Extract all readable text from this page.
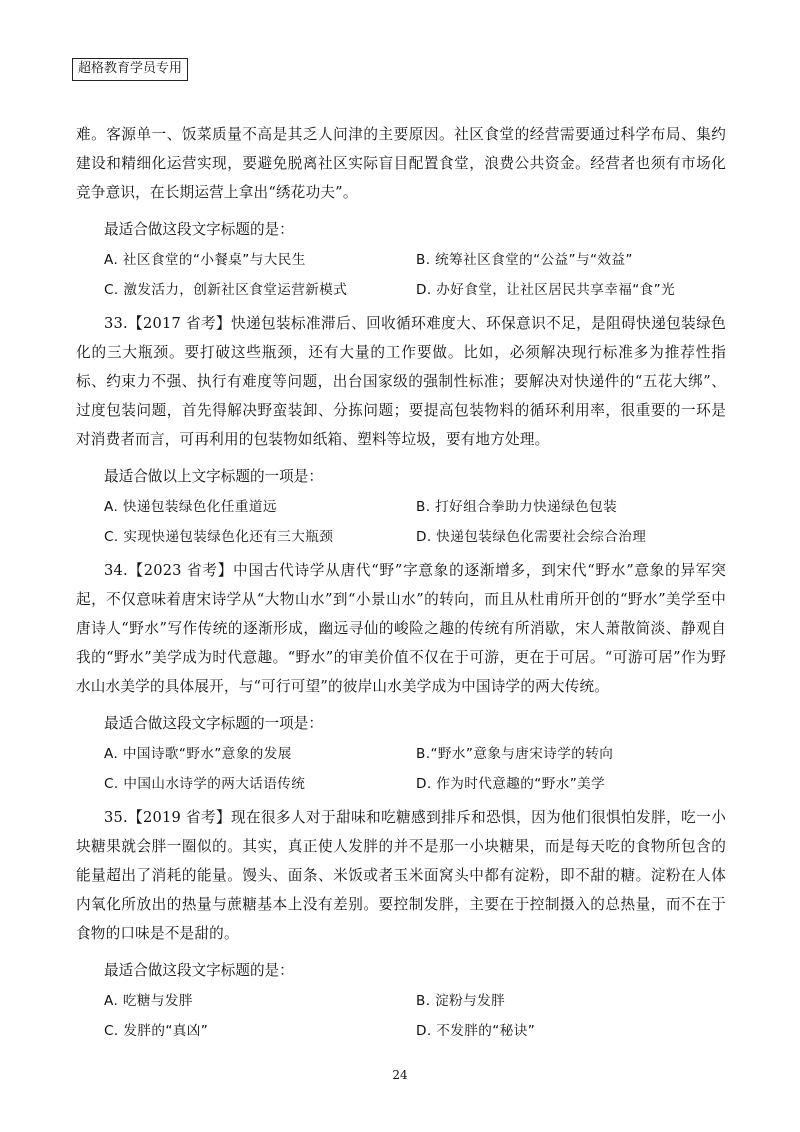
超格教育学员专用

难。客源单一、饭菜质量不高是其乏人问津的主要原因。社区食堂的经营需要通过科学布局、集约建设和精细化运营实现，要避免脱离社区实际盲目配置食堂，浪费公共资金。经营者也须有市场化竞争意识，在长期运营上拿出“绣花功夫”。

最适合做这段文字标题的是：

A. 社区食堂的“小餐桌”与大民生	B. 统筹社区食堂的“公益”与“效益”
C. 激发活力，创新社区食堂运营新模式	D. 办好食堂，让社区居民共享幸福“食”光

33.【2017 省考】快递包装标准滞后、回收循环难度大、环保意识不足，是阻碍快递包装绿色化的三大瓶颈。要打破这些瓶颈，还有大量的工作要做。比如，必须解决现行标准多为推荐性指标、约束力不强、执行有难度等问题，出台国家级的强制性标准；要解决对快递件的“五花大绑”、过度包装问题，首先得解决野蛮装卸、分拣问题；要提高包装物料的循环利用率，很重要的一环是对消费者而言，可再利用的包装物如纸箱、塑料等垃圾，要有地方处理。

最适合做以上文字标题的一项是：

A. 快递包装绿色化任重道远	B. 打好组合拳助力快递绿色包装
C. 实现快递包装绿色化还有三大瓶颈	D. 快递包装绿色化需要社会综合治理

34.【2023 省考】中国古代诗学从唐代“野”字意象的逐渐增多，到宋代“野水”意象的异军突起，不仅意味着唐宋诗学从“大物山水”到“小景山水”的转向，而且从杜甫所开创的“野水”美学至中唐诗人“野水”写作传统的逐渐形成，幽远寻仙的峻险之趣的传统有所消歇，宋人萧散简淡、静观自我的“野水”美学成为时代意趣。“野水”的审美价值不仅在于可游，更在于可居。“可游可居”作为野水山水美学的具体展开，与“可行可望”的彼岸山水美学成为中国诗学的两大传统。

最适合做这段文字标题的一项是：

A. 中国诗歌“野水”意象的发展	B.“野水”意象与唐宋诗学的转向
C. 中国山水诗学的两大话语传统	D. 作为时代意趣的“野水”美学

35.【2019 省考】现在很多人对于甜味和吃糖感到排斥和恐惧，因为他们很惧怕发胖，吃一小块糖果就会胖一圈似的。其实，真正使人发胖的并不是那一小块糖果，而是每天吃的食物所包含的能量超出了消耗的能量。馒头、面条、米饭或者玉米面窝头中都有淀粉，即不甜的糖。淀粉在人体内氧化所放出的热量与蔗糖基本上没有差别。要控制发胖，主要在于控制摄入的总热量，而不在于食物的口味是不是甜的。

最适合做这段文字标题的是：

A. 吃糖与发胖	B. 淀粉与发胖
C. 发胖的“真凶”	D. 不发胖的“秘诀”
24
